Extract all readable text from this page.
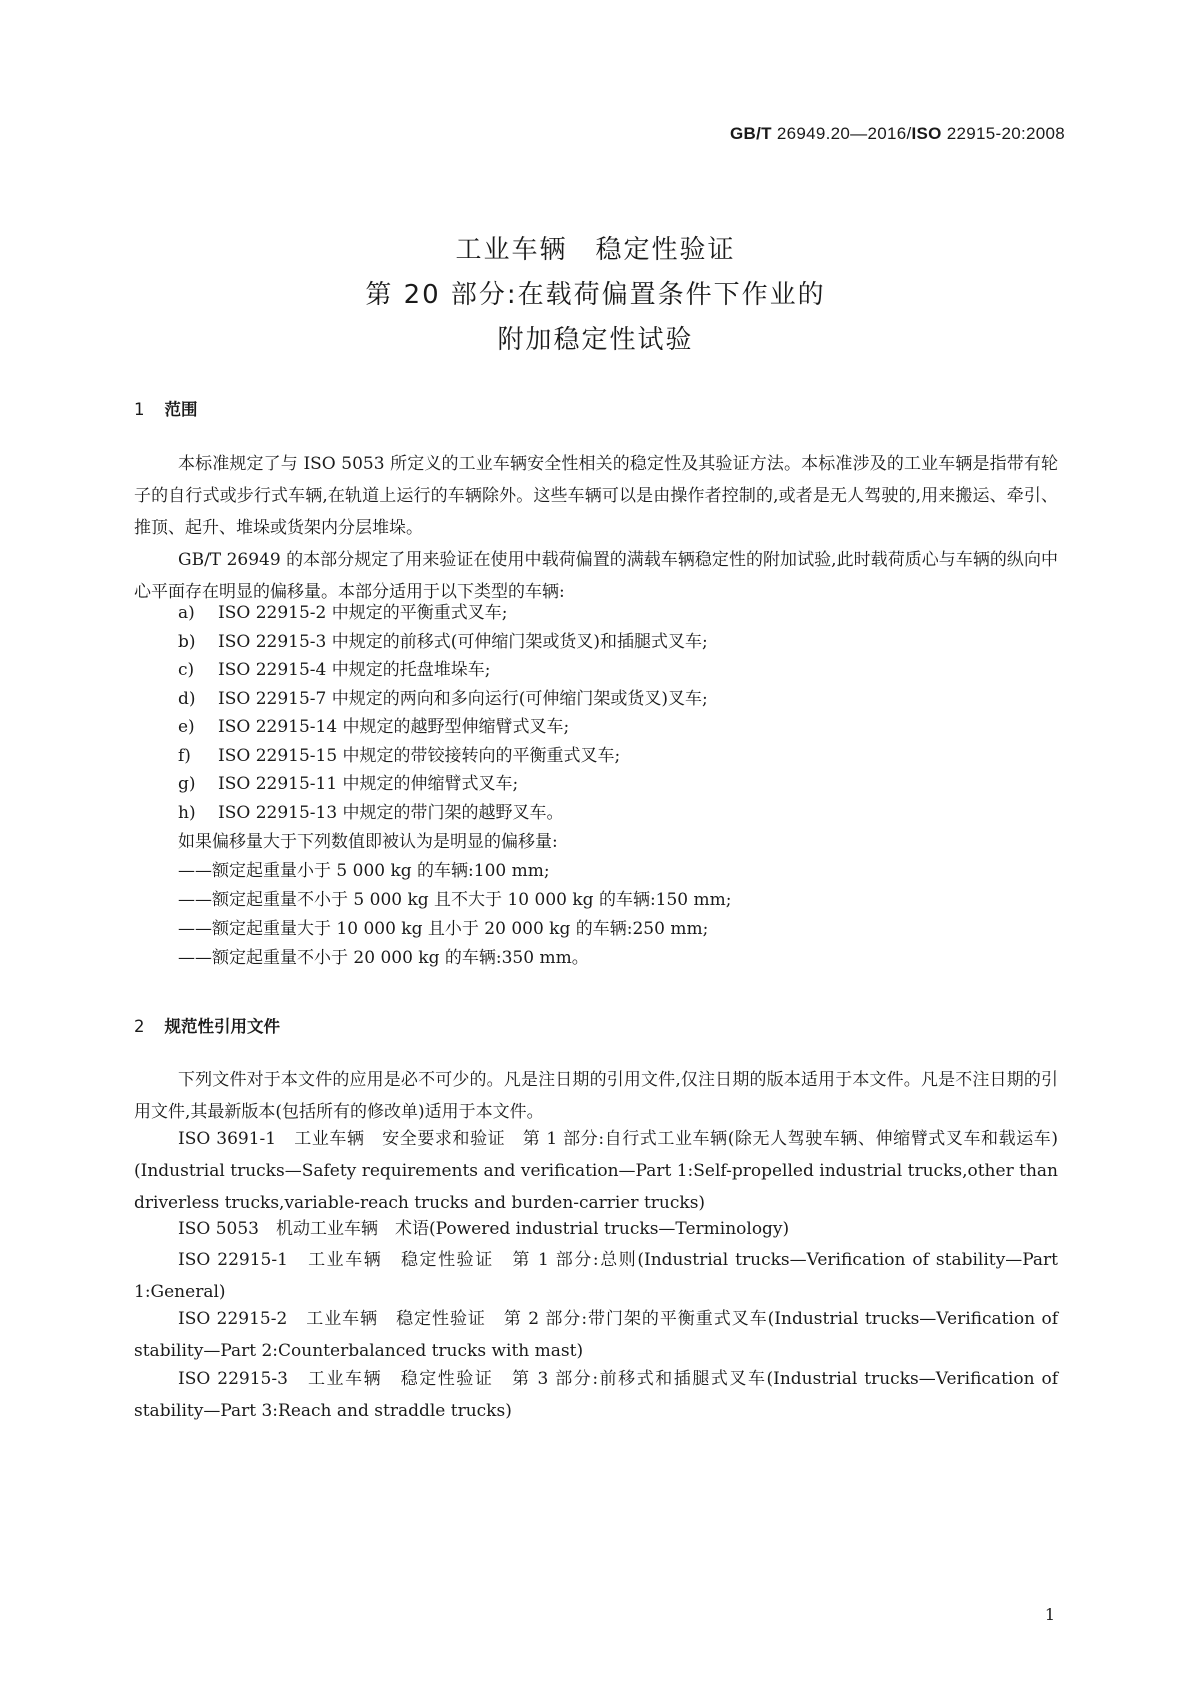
GB/T 26949.20—2016/ISO 22915-20:2008
工业车辆　稳定性验证
第 20 部分:在载荷偏置条件下作业的
附加稳定性试验
1 范围
本标准规定了与 ISO 5053 所定义的工业车辆安全性相关的稳定性及其验证方法。本标准涉及的工业车辆是指带有轮子的自行式或步行式车辆,在轨道上运行的车辆除外。这些车辆可以是由操作者控制的,或者是无人驾驶的,用来搬运、牵引、推顶、起升、堆垛或货架内分层堆垛。
GB/T 26949 的本部分规定了用来验证在使用中载荷偏置的满载车辆稳定性的附加试验,此时载荷质心与车辆的纵向中心平面存在明显的偏移量。本部分适用于以下类型的车辆:
a) ISO 22915-2 中规定的平衡重式叉车;
b) ISO 22915-3 中规定的前移式(可伸缩门架或货叉)和插腿式叉车;
c) ISO 22915-4 中规定的托盘堆垛车;
d) ISO 22915-7 中规定的两向和多向运行(可伸缩门架或货叉)叉车;
e) ISO 22915-14 中规定的越野型伸缩臂式叉车;
f) ISO 22915-15 中规定的带铰接转向的平衡重式叉车;
g) ISO 22915-11 中规定的伸缩臂式叉车;
h) ISO 22915-13 中规定的带门架的越野叉车。
如果偏移量大于下列数值即被认为是明显的偏移量:
——额定起重量小于 5 000 kg 的车辆:100 mm;
——额定起重量不小于 5 000 kg 且不大于 10 000 kg 的车辆:150 mm;
——额定起重量大于 10 000 kg 且小于 20 000 kg 的车辆:250 mm;
——额定起重量不小于 20 000 kg 的车辆:350 mm。
2 规范性引用文件
下列文件对于本文件的应用是必不可少的。凡是注日期的引用文件,仅注日期的版本适用于本文件。凡是不注日期的引用文件,其最新版本(包括所有的修改单)适用于本文件。
ISO 3691-1　工业车辆　安全要求和验证　第 1 部分:自行式工业车辆(除无人驾驶车辆、伸缩臂式叉车和载运车)(Industrial trucks—Safety requirements and verification—Part 1:Self-propelled industrial trucks,other than driverless trucks,variable-reach trucks and burden-carrier trucks)
ISO 5053　机动工业车辆　术语(Powered industrial trucks—Terminology)
ISO 22915-1　工业车辆　稳定性验证　第 1 部分:总则(Industrial trucks—Verification of stability—Part 1:General)
ISO 22915-2　工业车辆　稳定性验证　第 2 部分:带门架的平衡重式叉车(Industrial trucks—Verification of stability—Part 2:Counterbalanced trucks with mast)
ISO 22915-3　工业车辆　稳定性验证　第 3 部分:前移式和插腿式叉车(Industrial trucks—Verification of stability—Part 3:Reach and straddle trucks)
1
